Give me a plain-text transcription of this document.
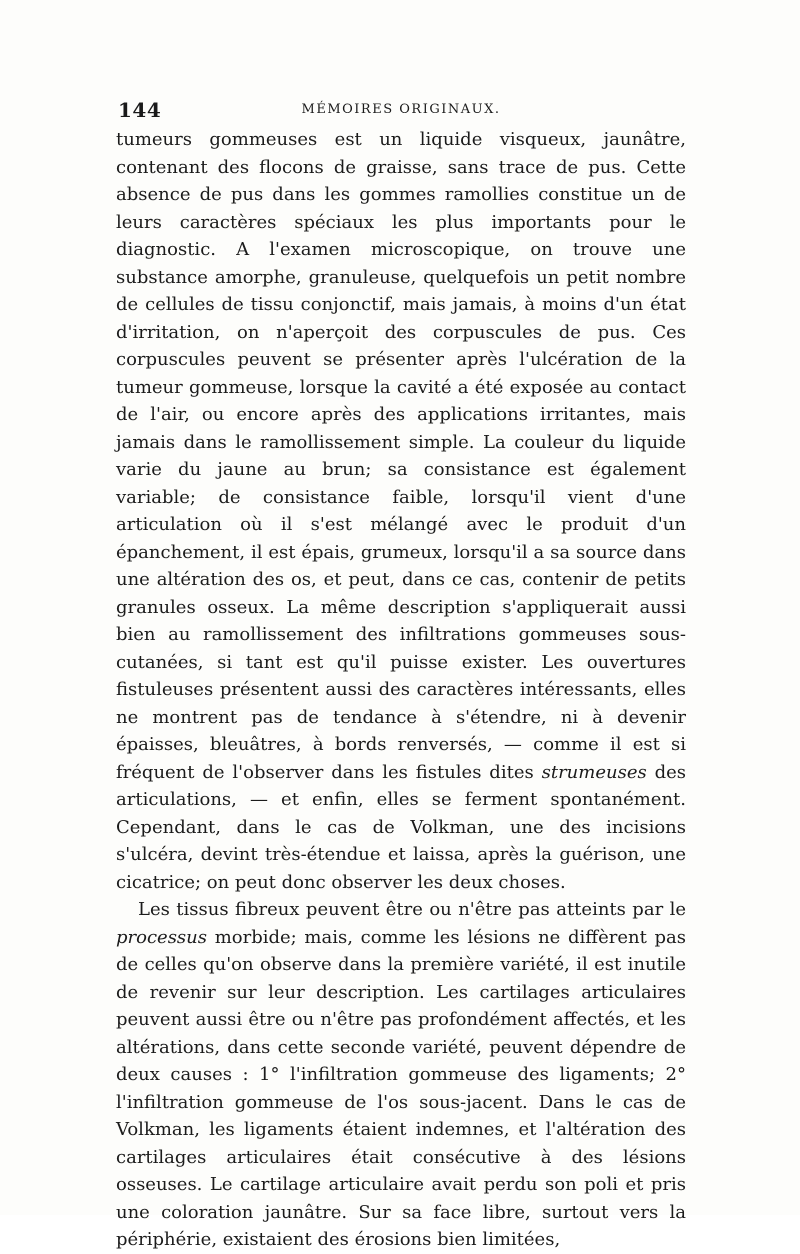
144	MÉMOIRES ORIGINAUX.

tumeurs gommeuses est un liquide visqueux, jaunâtre, contenant des flocons de graisse, sans trace de pus. Cette absence de pus dans les gommes ramollies constitue un de leurs caractères spéciaux les plus importants pour le diagnostic. A l'examen microscopique, on trouve une substance amorphe, granuleuse, quelquefois un petit nombre de cellules de tissu conjonctif, mais jamais, à moins d'un état d'irritation, on n'aperçoit des corpuscules de pus. Ces corpuscules peuvent se présenter après l'ulcération de la tumeur gommeuse, lorsque la cavité a été exposée au contact de l'air, ou encore après des applications irritantes, mais jamais dans le ramollissement simple. La couleur du liquide varie du jaune au brun; sa consistance est également variable; de consistance faible, lorsqu'il vient d'une articulation où il s'est mélangé avec le produit d'un épanchement, il est épais, grumeux, lorsqu'il a sa source dans une altération des os, et peut, dans ce cas, contenir de petits granules osseux. La même description s'appliquerait aussi bien au ramollissement des infiltrations gommeuses sous-cutanées, si tant est qu'il puisse exister. Les ouvertures fistuleuses présentent aussi des caractères intéressants, elles ne montrent pas de tendance à s'étendre, ni à devenir épaisses, bleuâtres, à bords renversés, — comme il est si fréquent de l'observer dans les fistules dites strumeuses des articulations, — et enfin, elles se ferment spontanément. Cependant, dans le cas de Volkman, une des incisions s'ulcéra, devint très-étendue et laissa, après la guérison, une cicatrice; on peut donc observer les deux choses.

Les tissus fibreux peuvent être ou n'être pas atteints par le processus morbide; mais, comme les lésions ne diffèrent pas de celles qu'on observe dans la première variété, il est inutile de revenir sur leur description. Les cartilages articulaires peuvent aussi être ou n'être pas profondément affectés, et les altérations, dans cette seconde variété, peuvent dépendre de deux causes : 1° l'infiltration gommeuse des ligaments; 2° l'infiltration gommeuse de l'os sous-jacent. Dans le cas de Volkman, les ligaments étaient indemnes, et l'altération des cartilages articulaires était consécutive à des lésions osseuses. Le cartilage articulaire avait perdu son poli et pris une coloration jaunâtre. Sur sa face libre, surtout vers la périphérie, existaient des érosions bien limitées,
